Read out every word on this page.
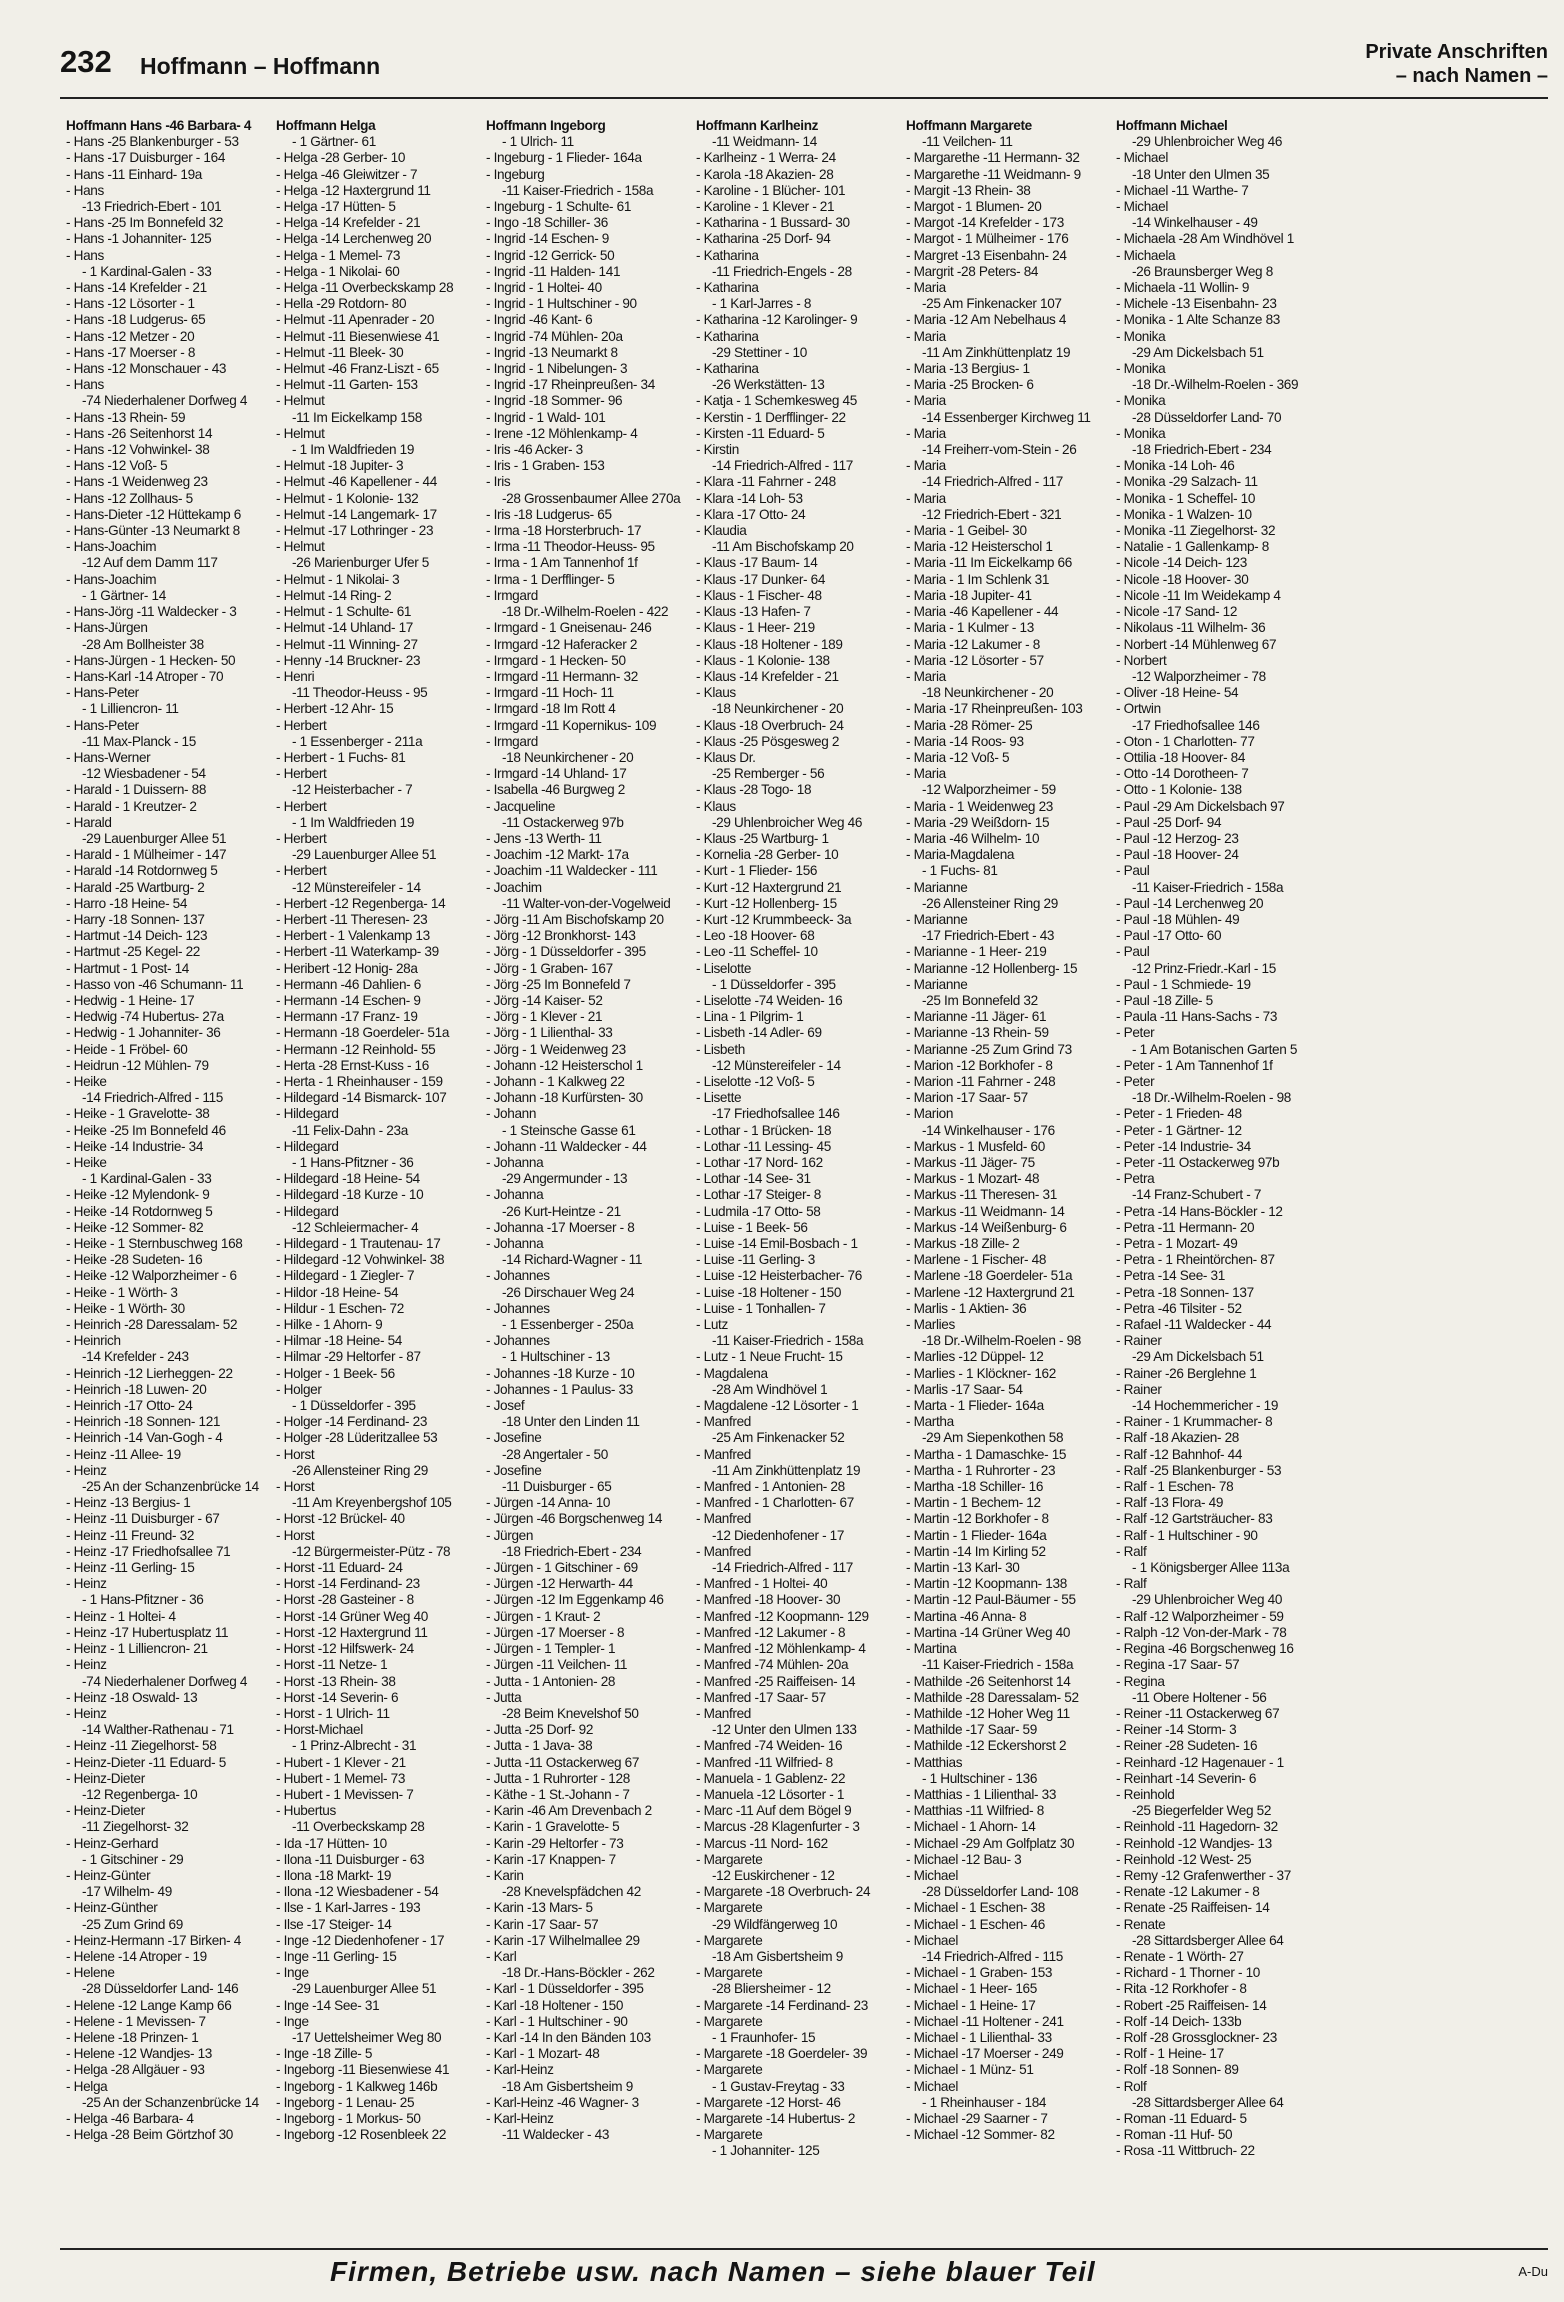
232 Hoffmann – Hoffmann
Private Anschriften
– nach Namen –
Hoffmann Hans -46 Barbara- 4
- Hans -25 Blankenburger - 53
- Hans -17 Duisburger - 164
- Hans -11 Einhard- 19a
- Hans
-13 Friedrich-Ebert - 101
- Hans -25 Im Bonnefeld 32
- Hans -1 Johanniter- 125
- Hans
- 1 Kardinal-Galen - 33
- Hans -14 Krefelder - 21
- Hans -12 Lösorter - 1
- Hans -18 Ludgerus- 65
- Hans -12 Metzer - 20
- Hans -17 Moerser - 8
- Hans -12 Monschauer - 43
- Hans
-74 Niederhalener Dorfweg 4
- Hans -13 Rhein- 59
- Hans -26 Seitenhorst 14
- Hans -12 Vohwinkel- 38
- Hans -12 Voß- 5
- Hans -1 Weidenweg 23
- Hans -12 Zollhaus- 5
- Hans-Dieter -12 Hüttekamp 6
- Hans-Günter -13 Neumarkt 8
- Hans-Joachim
-12 Auf dem Damm 117
- Hans-Joachim
- 1 Gärtner- 14
- Hans-Jörg -11 Waldecker - 3
- Hans-Jürgen
-28 Am Bollheister 38
- Hans-Jürgen - 1 Hecken- 50
- Hans-Karl -14 Atroper - 70
- Hans-Peter
- 1 Lilliencron- 11
- Hans-Peter
-11 Max-Planck - 15
- Hans-Werner
-12 Wiesbadener - 54
- Harald - 1 Duissern- 88
- Harald - 1 Kreutzer- 2
- Harald
-29 Lauenburger Allee 51
- Harald - 1 Mülheimer - 147
- Harald -14 Rotdornweg 5
- Harald -25 Wartburg- 2
- Harro -18 Heine- 54
- Harry -18 Sonnen- 137
- Hartmut -14 Deich- 123
- Hartmut -25 Kegel- 22
- Hartmut - 1 Post- 14
- Hasso von -46 Schumann- 11
- Hedwig - 1 Heine- 17
- Hedwig -74 Hubertus- 27a
- Hedwig - 1 Johanniter- 36
- Heide - 1 Fröbel- 60
- Heidrun -12 Mühlen- 79
- Heike
-14 Friedrich-Alfred - 115
- Heike - 1 Gravelotte- 38
- Heike -25 Im Bonnefeld 46
- Heike -14 Industrie- 34
- Heike
- 1 Kardinal-Galen - 33
- Heike -12 Mylendonk- 9
- Heike -14 Rotdornweg 5
- Heike -12 Sommer- 82
- Heike - 1 Sternbuschweg 168
- Heike -28 Sudeten- 16
- Heike -12 Walporzheimer - 6
- Heike - 1 Wörth- 3
- Heike - 1 Wörth- 30
- Heinrich -28 Daressalam- 52
- Heinrich
-14 Krefelder - 243
- Heinrich -12 Lierheggen- 22
- Heinrich -18 Luwen- 20
- Heinrich -17 Otto- 24
- Heinrich -18 Sonnen- 121
- Heinrich -14 Van-Gogh - 4
- Heinz -11 Allee- 19
- Heinz
-25 An der Schanzenbrücke 14
- Heinz -13 Bergius- 1
- Heinz -11 Duisburger - 67
- Heinz -11 Freund- 32
- Heinz -17 Friedhofsallee 71
- Heinz -11 Gerling- 15
- Heinz
- 1 Hans-Pfitzner - 36
- Heinz - 1 Holtei- 4
- Heinz -17 Hubertusplatz 11
- Heinz - 1 Lilliencron- 21
- Heinz
-74 Niederhalener Dorfweg 4
- Heinz -18 Oswald- 13
- Heinz
-14 Walther-Rathenau - 71
- Heinz -11 Ziegelhorst- 58
- Heinz-Dieter -11 Eduard- 5
- Heinz-Dieter
-12 Regenberga- 10
- Heinz-Dieter
-11 Ziegelhorst- 32
- Heinz-Gerhard
- 1 Gitschiner - 29
- Heinz-Günter
-17 Wilhelm- 49
- Heinz-Günther
-25 Zum Grind 69
- Heinz-Hermann -17 Birken- 4
- Helene -14 Atroper - 19
- Helene
-28 Düsseldorfer Land- 146
- Helene -12 Lange Kamp 66
- Helene - 1 Mevissen- 7
- Helene -18 Prinzen- 1
- Helene -12 Wandjes- 13
- Helga -28 Allgäuer - 93
- Helga
-25 An der Schanzenbrücke 14
- Helga -46 Barbara- 4
- Helga -28 Beim Görtzhof 30
Hoffmann Helga
- 1 Gärtner- 61
- Helga -28 Gerber- 10
- Helga -46 Gleiwitzer - 7
- Helga -12 Haxtergrund 11
- Helga -17 Hütten- 5
- Helga -14 Krefelder - 21
- Helga -14 Lerchenweg 20
- Helga - 1 Memel- 73
- Helga - 1 Nikolai- 60
- Helga -11 Overbeckskamp 28
- Hella -29 Rotdorn- 80
- Helmut -11 Apenrader - 20
- Helmut -11 Biesenwiese 41
- Helmut -11 Bleek- 30
- Helmut -46 Franz-Liszt - 65
- Helmut -11 Garten- 153
- Helmut
-11 Im Eickelkamp 158
- Helmut
- 1 Im Waldfrieden 19
- Helmut -18 Jupiter- 3
- Helmut -46 Kapellener - 44
- Helmut - 1 Kolonie- 132
- Helmut -14 Langemark- 17
- Helmut -17 Lothringer - 23
- Helmut
-26 Marienburger Ufer 5
- Helmut - 1 Nikolai- 3
- Helmut -14 Ring- 2
- Helmut - 1 Schulte- 61
- Helmut -14 Uhland- 17
- Helmut -11 Winning- 27
- Henny -14 Bruckner- 23
- Henri
-11 Theodor-Heuss - 95
- Herbert -12 Ahr- 15
- Herbert
- 1 Essenberger - 211a
- Herbert - 1 Fuchs- 81
- Herbert
-12 Heisterbacher - 7
- Herbert
- 1 Im Waldfrieden 19
- Herbert
-29 Lauenburger Allee 51
- Herbert
-12 Münstereifeler - 14
- Herbert -12 Regenberga- 14
- Herbert -11 Theresen- 23
- Herbert - 1 Valenkamp 13
- Herbert -11 Waterkamp- 39
- Heribert -12 Honig- 28a
- Hermann -46 Dahlien- 6
- Hermann -14 Eschen- 9
- Hermann -17 Franz- 19
- Hermann -18 Goerdeler- 51a
- Hermann -12 Reinhold- 55
- Herta -28 Ernst-Kuss - 16
- Herta - 1 Rheinhauser - 159
- Hildegard -14 Bismarck- 107
- Hildegard
-11 Felix-Dahn - 23a
- Hildegard
- 1 Hans-Pfitzner - 36
- Hildegard -18 Heine- 54
- Hildegard -18 Kurze - 10
- Hildegard
-12 Schleiermacher- 4
- Hildegard - 1 Trautenau- 17
- Hildegard -12 Vohwinkel- 38
- Hildegard - 1 Ziegler- 7
- Hildor -18 Heine- 54
- Hildur - 1 Eschen- 72
- Hilke - 1 Ahorn- 9
- Hilmar -18 Heine- 54
- Hilmar -29 Heltorfer - 87
- Holger - 1 Beek- 56
- Holger
- 1 Düsseldorfer - 395
- Holger -14 Ferdinand- 23
- Holger -28 Lüderitzallee 53
- Horst
-26 Allensteiner Ring 29
- Horst
-11 Am Kreyenbergshof 105
- Horst -12 Brückel- 40
- Horst
-12 Bürgermeister-Pütz - 78
- Horst -11 Eduard- 24
- Horst -14 Ferdinand- 23
- Horst -28 Gasteiner - 8
- Horst -14 Grüner Weg 40
- Horst -12 Haxtergrund 11
- Horst -12 Hilfswerk- 24
- Horst -11 Netze- 1
- Horst -13 Rhein- 38
- Horst -14 Severin- 6
- Horst - 1 Ulrich- 11
- Horst-Michael
- 1 Prinz-Albrecht - 31
- Hubert - 1 Klever - 21
- Hubert - 1 Memel- 73
- Hubert - 1 Mevissen- 7
- Hubertus
-11 Overbeckskamp 28
- Ida -17 Hütten- 10
- Ilona -11 Duisburger - 63
- Ilona -18 Markt- 19
- Ilona -12 Wiesbadener - 54
- Ilse - 1 Karl-Jarres - 193
- Ilse -17 Steiger- 14
- Inge -12 Diedenhofener - 17
- Inge -11 Gerling- 15
- Inge
-29 Lauenburger Allee 51
- Inge -14 See- 31
- Inge
-17 Uettelsheimer Weg 80
- Inge -18 Zille- 5
- Ingeborg -11 Biesenwiese 41
- Ingeborg - 1 Kalkweg 146b
- Ingeborg - 1 Lenau- 25
- Ingeborg - 1 Morkus- 50
- Ingeborg -12 Rosenbleek 22
Hoffmann Ingeborg
- 1 Ulrich- 11
- Ingeburg - 1 Flieder- 164a
- Ingeburg
-11 Kaiser-Friedrich - 158a
- Ingeburg - 1 Schulte- 61
- Ingo -18 Schiller- 36
- Ingrid -14 Eschen- 9
- Ingrid -12 Gerrick- 50
- Ingrid -11 Halden- 141
- Ingrid - 1 Holtei- 40
- Ingrid - 1 Hultschiner - 90
- Ingrid -46 Kant- 6
- Ingrid -74 Mühlen- 20a
- Ingrid -13 Neumarkt 8
- Ingrid - 1 Nibelungen- 3
- Ingrid -17 Rheinpreußen- 34
- Ingrid -18 Sommer- 96
- Ingrid - 1 Wald- 101
- Irene -12 Möhlenkamp- 4
- Iris -46 Acker- 3
- Iris - 1 Graben- 153
- Iris
-28 Grossenbaumer Allee 270a
- Iris -18 Ludgerus- 65
- Irma -18 Horsterbruch- 17
- Irma -11 Theodor-Heuss- 95
- Irma - 1 Am Tannenhof 1f
- Irma - 1 Derfflinger- 5
- Irmgard
-18 Dr.-Wilhelm-Roelen - 422
- Irmgard - 1 Gneisenau- 246
- Irmgard -12 Haferacker 2
- Irmgard - 1 Hecken- 50
- Irmgard -11 Hermann- 32
- Irmgard -11 Hoch- 11
- Irmgard -18 Im Rott 4
- Irmgard -11 Kopernikus- 109
- Irmgard
-18 Neunkirchener - 20
- Irmgard -14 Uhland- 17
- Isabella -46 Burgweg 2
- Jacqueline
-11 Ostackerweg 97b
- Jens -13 Werth- 11
- Joachim -12 Markt- 17a
- Joachim -11 Waldecker - 111
- Joachim
-11 Walter-von-der-Vogelweid
- Jörg -11 Am Bischofskamp 20
- Jörg -12 Bronkhorst- 143
- Jörg - 1 Düsseldorfer - 395
- Jörg - 1 Graben- 167
- Jörg -25 Im Bonnefeld 7
- Jörg -14 Kaiser- 52
- Jörg - 1 Klever - 21
- Jörg - 1 Lilienthal- 33
- Jörg - 1 Weidenweg 23
- Johann -12 Heisterschol 1
- Johann - 1 Kalkweg 22
- Johann -18 Kurfürsten- 30
- Johann
- 1 Steinsche Gasse 61
- Johann -11 Waldecker - 44
- Johanna
-29 Angermunder - 13
- Johanna
-26 Kurt-Heintze - 21
- Johanna -17 Moerser - 8
- Johanna
-14 Richard-Wagner - 11
- Johannes
-26 Dirschauer Weg 24
- Johannes
- 1 Essenberger - 250a
- Johannes
- 1 Hultschiner - 13
- Johannes -18 Kurze - 10
- Johannes - 1 Paulus- 33
- Josef
-18 Unter den Linden 11
- Josefine
-28 Angertaler - 50
- Josefine
-11 Duisburger - 65
- Jürgen -14 Anna- 10
- Jürgen -46 Borgschenweg 14
- Jürgen
-18 Friedrich-Ebert - 234
- Jürgen - 1 Gitschiner - 69
- Jürgen -12 Herwarth- 44
- Jürgen -12 Im Eggenkamp 46
- Jürgen - 1 Kraut- 2
- Jürgen -17 Moerser - 8
- Jürgen - 1 Templer- 1
- Jürgen -11 Veilchen- 11
- Jutta - 1 Antonien- 28
- Jutta
-28 Beim Knevelshof 50
- Jutta -25 Dorf- 92
- Jutta - 1 Java- 38
- Jutta -11 Ostackerweg 67
- Jutta - 1 Ruhrorter - 128
- Käthe - 1 St.-Johann - 7
- Karin -46 Am Drevenbach 2
- Karin - 1 Gravelotte- 5
- Karin -29 Heltorfer - 73
- Karin -17 Knappen- 7
- Karin
-28 Knevelspfädchen 42
- Karin -13 Mars- 5
- Karin -17 Saar- 57
- Karin -17 Wilhelmallee 29
- Karl
-18 Dr.-Hans-Böckler - 262
- Karl - 1 Düsseldorfer - 395
- Karl -18 Holtener - 150
- Karl - 1 Hultschiner - 90
- Karl -14 In den Bänden 103
- Karl - 1 Mozart- 48
- Karl-Heinz
-18 Am Gisbertsheim 9
- Karl-Heinz -46 Wagner- 3
- Karl-Heinz
-11 Waldecker - 43
Hoffmann Karlheinz
-11 Weidmann- 14
- Karlheinz - 1 Werra- 24
- Karola -18 Akazien- 28
- Karoline - 1 Blücher- 101
- Karoline - 1 Klever - 21
- Katharina - 1 Bussard- 30
- Katharina -25 Dorf- 94
- Katharina
-11 Friedrich-Engels - 28
- Katharina
- 1 Karl-Jarres - 8
- Katharina -12 Karolinger- 9
- Katharina
-29 Stettiner - 10
- Katharina
-26 Werkstätten- 13
- Katja - 1 Schemkesweg 45
- Kerstin - 1 Derfflinger- 22
- Kirsten -11 Eduard- 5
- Kirstin
-14 Friedrich-Alfred - 117
- Klara -11 Fahrner - 248
- Klara -14 Loh- 53
- Klara -17 Otto- 24
- Klaudia
-11 Am Bischofskamp 20
- Klaus -17 Baum- 14
- Klaus -17 Dunker- 64
- Klaus - 1 Fischer- 48
- Klaus -13 Hafen- 7
- Klaus - 1 Heer- 219
- Klaus -18 Holtener - 189
- Klaus - 1 Kolonie- 138
- Klaus -14 Krefelder - 21
- Klaus
-18 Neunkirchener - 20
- Klaus -18 Overbruch- 24
- Klaus -25 Pösgesweg 2
- Klaus Dr.
-25 Remberger - 56
- Klaus -28 Togo- 18
- Klaus
-29 Uhlenbroicher Weg 46
- Klaus -25 Wartburg- 1
- Kornelia -28 Gerber- 10
- Kurt - 1 Flieder- 156
- Kurt -12 Haxtergrund 21
- Kurt -12 Hollenberg- 15
- Kurt -12 Krummbeeck- 3a
- Leo -18 Hoover- 68
- Leo -11 Scheffel- 10
- Liselotte
- 1 Düsseldorfer - 395
- Liselotte -74 Weiden- 16
- Lina - 1 Pilgrim- 1
- Lisbeth -14 Adler- 69
- Lisbeth
-12 Münstereifeler - 14
- Liselotte -12 Voß- 5
- Lisette
-17 Friedhofsallee 146
- Lothar - 1 Brücken- 18
- Lothar -11 Lessing- 45
- Lothar -17 Nord- 162
- Lothar -14 See- 31
- Lothar -17 Steiger- 8
- Ludmila -17 Otto- 58
- Luise - 1 Beek- 56
- Luise -14 Emil-Bosbach - 1
- Luise -11 Gerling- 3
- Luise -12 Heisterbacher- 76
- Luise -18 Holtener - 150
- Luise - 1 Tonhallen- 7
- Lutz
-11 Kaiser-Friedrich - 158a
- Lutz - 1 Neue Frucht- 15
- Magdalena
-28 Am Windhövel 1
- Magdalene -12 Lösorter - 1
- Manfred
-25 Am Finkenacker 52
- Manfred
-11 Am Zinkhüttenplatz 19
- Manfred - 1 Antonien- 28
- Manfred - 1 Charlotten- 67
- Manfred
-12 Diedenhofener - 17
- Manfred
-14 Friedrich-Alfred - 117
- Manfred - 1 Holtei- 40
- Manfred -18 Hoover- 30
- Manfred -12 Koopmann- 129
- Manfred -12 Lakumer - 8
- Manfred -12 Möhlenkamp- 4
- Manfred -74 Mühlen- 20a
- Manfred -25 Raiffeisen- 14
- Manfred -17 Saar- 57
- Manfred
-12 Unter den Ulmen 133
- Manfred -74 Weiden- 16
- Manfred -11 Wilfried- 8
- Manuela - 1 Gablenz- 22
- Manuela -12 Lösorter - 1
- Marc -11 Auf dem Bögel 9
- Marcus -28 Klagenfurter - 3
- Marcus -11 Nord- 162
- Margarete
-12 Euskirchener - 12
- Margarete -18 Overbruch- 24
- Margarete
-29 Wildfängerweg 10
- Margarete
-18 Am Gisbertsheim 9
- Margarete
-28 Bliersheimer - 12
- Margarete -14 Ferdinand- 23
- Margarete
- 1 Fraunhofer- 15
- Margarete -18 Goerdeler- 39
- Margarete
- 1 Gustav-Freytag - 33
- Margarete -12 Horst- 46
- Margarete -14 Hubertus- 2
- Margarete
- 1 Johanniter- 125
Hoffmann Margarete
-11 Veilchen- 11
- Margarethe -11 Hermann- 32
- Margarethe -11 Weidmann- 9
- Margit -13 Rhein- 38
- Margot - 1 Blumen- 20
- Margot -14 Krefelder - 173
- Margot - 1 Mülheimer - 176
- Margret -13 Eisenbahn- 24
- Margrit -28 Peters- 84
- Maria
-25 Am Finkenacker 107
- Maria -12 Am Nebelhaus 4
- Maria
-11 Am Zinkhüttenplatz 19
- Maria -13 Bergius- 1
- Maria -25 Brocken- 6
- Maria
-14 Essenberger Kirchweg 11
- Maria
-14 Freiherr-vom-Stein - 26
- Maria
-14 Friedrich-Alfred - 117
- Maria
-12 Friedrich-Ebert - 321
- Maria - 1 Geibel- 30
- Maria -12 Heisterschol 1
- Maria -11 Im Eickelkamp 66
- Maria - 1 Im Schlenk 31
- Maria -18 Jupiter- 41
- Maria -46 Kapellener - 44
- Maria - 1 Kulmer - 13
- Maria -12 Lakumer - 8
- Maria -12 Lösorter - 57
- Maria
-18 Neunkirchener - 20
- Maria -17 Rheinpreußen- 103
- Maria -28 Römer- 25
- Maria -14 Roos- 93
- Maria -12 Voß- 5
- Maria
-12 Walporzheimer - 59
- Maria - 1 Weidenweg 23
- Maria -29 Weißdorn- 15
- Maria -46 Wilhelm- 10
- Maria-Magdalena
- 1 Fuchs- 81
- Marianne
-26 Allensteiner Ring 29
- Marianne
-17 Friedrich-Ebert - 43
- Marianne - 1 Heer- 219
- Marianne -12 Hollenberg- 15
- Marianne
-25 Im Bonnefeld 32
- Marianne -11 Jäger- 61
- Marianne -13 Rhein- 59
- Marianne -25 Zum Grind 73
- Marion -12 Borkhofer - 8
- Marion -11 Fahrner - 248
- Marion -17 Saar- 57
- Marion
-14 Winkelhauser - 176
- Markus - 1 Musfeld- 60
- Markus -11 Jäger- 75
- Markus - 1 Mozart- 48
- Markus -11 Theresen- 31
- Markus -11 Weidmann- 14
- Markus -14 Weißenburg- 6
- Markus -18 Zille- 2
- Marlene - 1 Fischer- 48
- Marlene -18 Goerdeler- 51a
- Marlene -12 Haxtergrund 21
- Marlis - 1 Aktien- 36
- Marlies
-18 Dr.-Wilhelm-Roelen - 98
- Marlies -12 Düppel- 12
- Marlies - 1 Klöckner- 162
- Marlis -17 Saar- 54
- Marta - 1 Flieder- 164a
- Martha
-29 Am Siepenkothen 58
- Martha - 1 Damaschke- 15
- Martha - 1 Ruhrorter - 23
- Martha -18 Schiller- 16
- Martin - 1 Bechem- 12
- Martin -12 Borkhofer - 8
- Martin - 1 Flieder- 164a
- Martin -14 Im Kirling 52
- Martin -13 Karl- 30
- Martin -12 Koopmann- 138
- Martin -12 Paul-Bäumer - 55
- Martina -46 Anna- 8
- Martina -14 Grüner Weg 40
- Martina
-11 Kaiser-Friedrich - 158a
- Mathilde -26 Seitenhorst 14
- Mathilde -28 Daressalam- 52
- Mathilde -12 Hoher Weg 11
- Mathilde -17 Saar- 59
- Mathilde -12 Eckershorst 2
- Matthias
- 1 Hultschiner - 136
- Matthias - 1 Lilienthal- 33
- Matthias -11 Wilfried- 8
- Michael - 1 Ahorn- 14
- Michael -29 Am Golfplatz 30
- Michael -12 Bau- 3
- Michael
-28 Düsseldorfer Land- 108
- Michael - 1 Eschen- 38
- Michael - 1 Eschen- 46
- Michael
-14 Friedrich-Alfred - 115
- Michael - 1 Graben- 153
- Michael - 1 Heer- 165
- Michael - 1 Heine- 17
- Michael -11 Holtener - 241
- Michael - 1 Lilienthal- 33
- Michael -17 Moerser - 249
- Michael - 1 Münz- 51
- Michael
- 1 Rheinhauser - 184
- Michael -29 Saarner - 7
- Michael -12 Sommer- 82
Hoffmann Michael
-29 Uhlenbroicher Weg 46
- Michael
-18 Unter den Ulmen 35
- Michael -11 Warthe- 7
- Michael
-14 Winkelhauser - 49
- Michaela -28 Am Windhövel 1
- Michaela
-26 Braunsberger Weg 8
- Michaela -11 Wollin- 9
- Michele -13 Eisenbahn- 23
- Monika - 1 Alte Schanze 83
- Monika
-29 Am Dickelsbach 51
- Monika
-18 Dr.-Wilhelm-Roelen - 369
- Monika
-28 Düsseldorfer Land- 70
- Monika
-18 Friedrich-Ebert - 234
- Monika -14 Loh- 46
- Monika -29 Salzach- 11
- Monika - 1 Scheffel- 10
- Monika - 1 Walzen- 10
- Monika -11 Ziegelhorst- 32
- Natalie - 1 Gallenkamp- 8
- Nicole -14 Deich- 123
- Nicole -18 Hoover- 30
- Nicole -11 Im Weidekamp 4
- Nicole -17 Sand- 12
- Nikolaus -11 Wilhelm- 36
- Norbert -14 Mühlenweg 67
- Norbert
-12 Walporzheimer - 78
- Oliver -18 Heine- 54
- Ortwin
-17 Friedhofsallee 146
- Oton - 1 Charlotten- 77
- Ottilia -18 Hoover- 84
- Otto -14 Dorotheen- 7
- Otto - 1 Kolonie- 138
- Paul -29 Am Dickelsbach 97
- Paul -25 Dorf- 94
- Paul -12 Herzog- 23
- Paul -18 Hoover- 24
- Paul
-11 Kaiser-Friedrich - 158a
- Paul -14 Lerchenweg 20
- Paul -18 Mühlen- 49
- Paul -17 Otto- 60
- Paul
-12 Prinz-Friedr.-Karl - 15
- Paul - 1 Schmiede- 19
- Paul -18 Zille- 5
- Paula -11 Hans-Sachs - 73
- Peter
- 1 Am Botanischen Garten 5
- Peter - 1 Am Tannenhof 1f
- Peter
-18 Dr.-Wilhelm-Roelen - 98
- Peter - 1 Frieden- 48
- Peter - 1 Gärtner- 12
- Peter -14 Industrie- 34
- Peter -11 Ostackerweg 97b
- Petra
-14 Franz-Schubert - 7
- Petra -14 Hans-Böckler - 12
- Petra -11 Hermann- 20
- Petra - 1 Mozart- 49
- Petra - 1 Rheintörchen- 87
- Petra -14 See- 31
- Petra -18 Sonnen- 137
- Petra -46 Tilsiter - 52
- Rafael -11 Waldecker - 44
- Rainer
-29 Am Dickelsbach 51
- Rainer -26 Berglehne 1
- Rainer
-14 Hochemmericher - 19
- Rainer - 1 Krummacher- 8
- Ralf -18 Akazien- 28
- Ralf -12 Bahnhof- 44
- Ralf -25 Blankenburger - 53
- Ralf - 1 Eschen- 78
- Ralf -13 Flora- 49
- Ralf -12 Gartsträucher- 83
- Ralf - 1 Hultschiner - 90
- Ralf
- 1 Königsberger Allee 113a
- Ralf
-29 Uhlenbroicher Weg 40
- Ralf -12 Walporzheimer - 59
- Ralph -12 Von-der-Mark - 78
- Regina -46 Borgschenweg 16
- Regina -17 Saar- 57
- Regina
-11 Obere Holtener - 56
- Reiner -11 Ostackerweg 67
- Reiner -14 Storm- 3
- Reiner -28 Sudeten- 16
- Reinhard -12 Hagenauer - 1
- Reinhart -14 Severin- 6
- Reinhold
-25 Biegerfelder Weg 52
- Reinhold -11 Hagedorn- 32
- Reinhold -12 Wandjes- 13
- Reinhold -12 West- 25
- Remy -12 Grafenwerther - 37
- Renate -12 Lakumer - 8
- Renate -25 Raiffeisen- 14
- Renate
-28 Sittardsberger Allee 64
- Renate - 1 Wörth- 27
- Richard - 1 Thorner - 10
- Rita -12 Rorkhofer - 8
- Robert -25 Raiffeisen- 14
- Rolf -14 Deich- 133b
- Rolf -28 Grossglockner- 23
- Rolf - 1 Heine- 17
- Rolf -18 Sonnen- 89
- Rolf
-28 Sittardsberger Allee 64
- Roman -11 Eduard- 5
- Roman -11 Huf- 50
- Rosa -11 Wittbruch- 22
Firmen, Betriebe usw. nach Namen – siehe blauer Teil	A-Du
